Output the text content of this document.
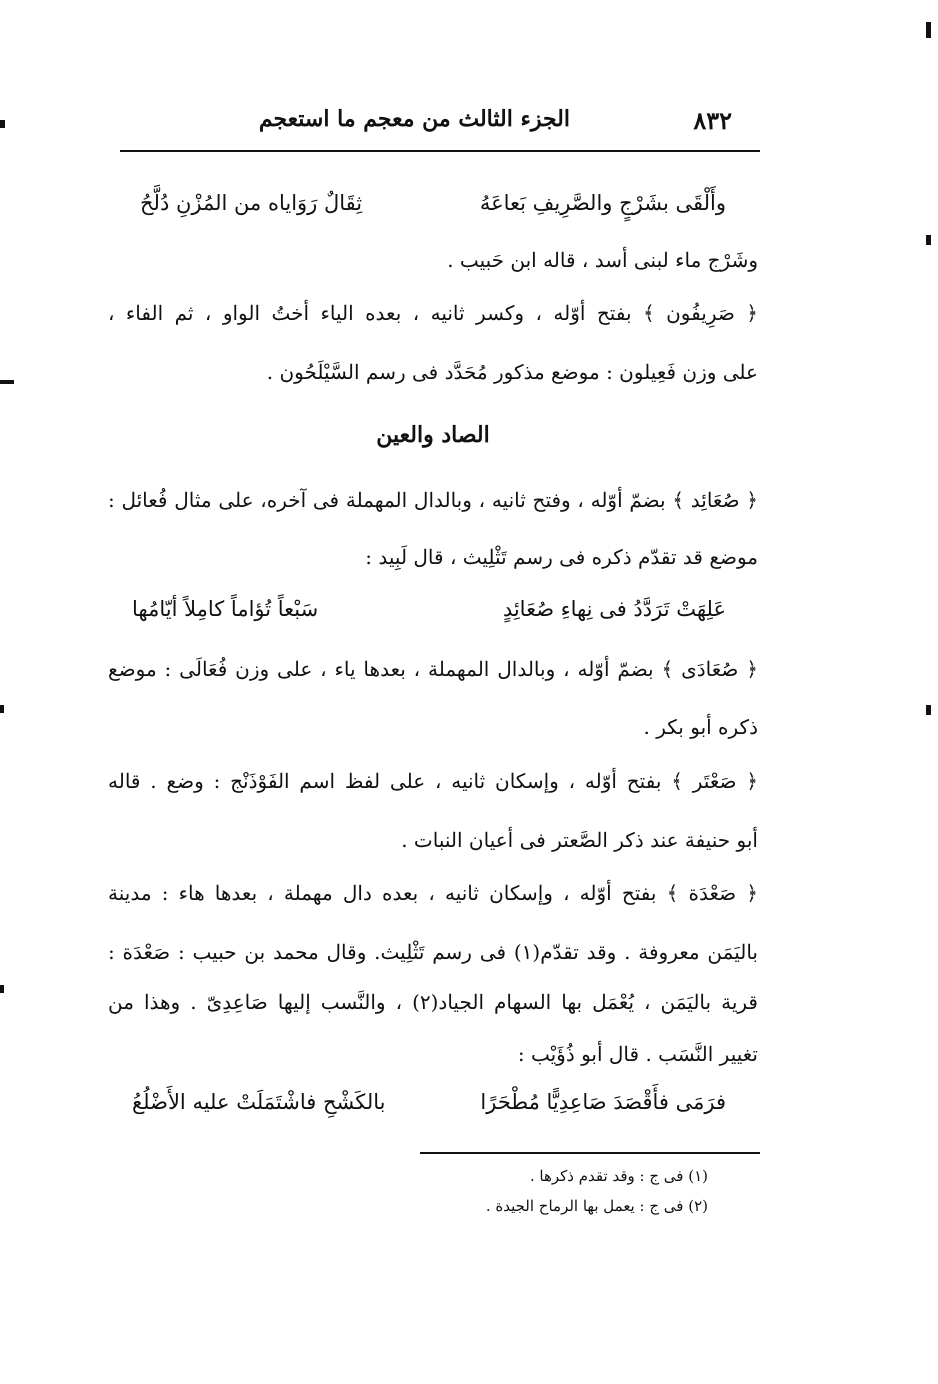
٨٣٢
الجزء الثالث من معجم ما استعجم
وأَلْقَى بشَرْجٍ والصَّرِيفِ بَعاعَهُ
ثِقَالٌ رَوَاياه من المُزْنِ دُلَّحُ
وشَرْج ماء لبنى أسد ، قاله ابن حَبيب .
﴿ صَرِيفُون ﴾ بفتح أوّله ، وكسر ثانيه ، بعده الياء أختُ الواو ، ثم الفاء ،
على وزن فَعِيلون : موضع مذكور مُحَدَّد فى رسم السَّيْلَحُون .
الصاد والعين
﴿ صُعَائِد ﴾ بضمّ أوّله ، وفتح ثانيه ، وبالدال المهملة فى آخره، على مثال فُعائل :
موضع قد تقدّم ذكره فى رسم تَثْلِيث ، قال لَبِيد :
عَلِهَتْ تَرَدَّدُ فى نِهاءِ صُعَائِدٍ
سَبْعاً تُؤاماً كامِلاً أيّامُها
﴿ صُعَادَى ﴾ بضمّ أوّله ، وبالدال المهملة ، بعدها ياء ، على وزن فُعَالَى : موضع
ذكره أبو بكر .
﴿ صَعْتَر ﴾ بفتح أوّله ، وإسكان ثانيه ، على لفظ اسم الفَوْذَنْج : وضع . قاله
أبو حنيفة عند ذكر الصَّعتر فى أعيان النبات .
﴿ صَعْدَة ﴾ بفتح أوّله ، وإسكان ثانيه ، بعده دال مهملة ، بعدها هاء : مدينة
باليَمَن معروفة . وقد تقدّم(١) فى رسم تَثْلِيث. وقال محمد بن حبيب : صَعْدَة :
قرية باليَمَن ، يُعْمَل بها السهام الجياد(٢) ، والنَّسب إليها صَاعِدِىّ . وهذا من
تغيير النَّسَب . قال أبو ذُؤَيْب :
فرَمَى فأَقْصَدَ صَاعِدِيًّا مُطْحَرًا
بالكَشْحِ فاشْتَمَلَتْ عليه الأَضْلُعُ
(١) فى ج : وقد تقدم ذكرها .
(٢) فى ج : يعمل بها الرماح الجيدة .
